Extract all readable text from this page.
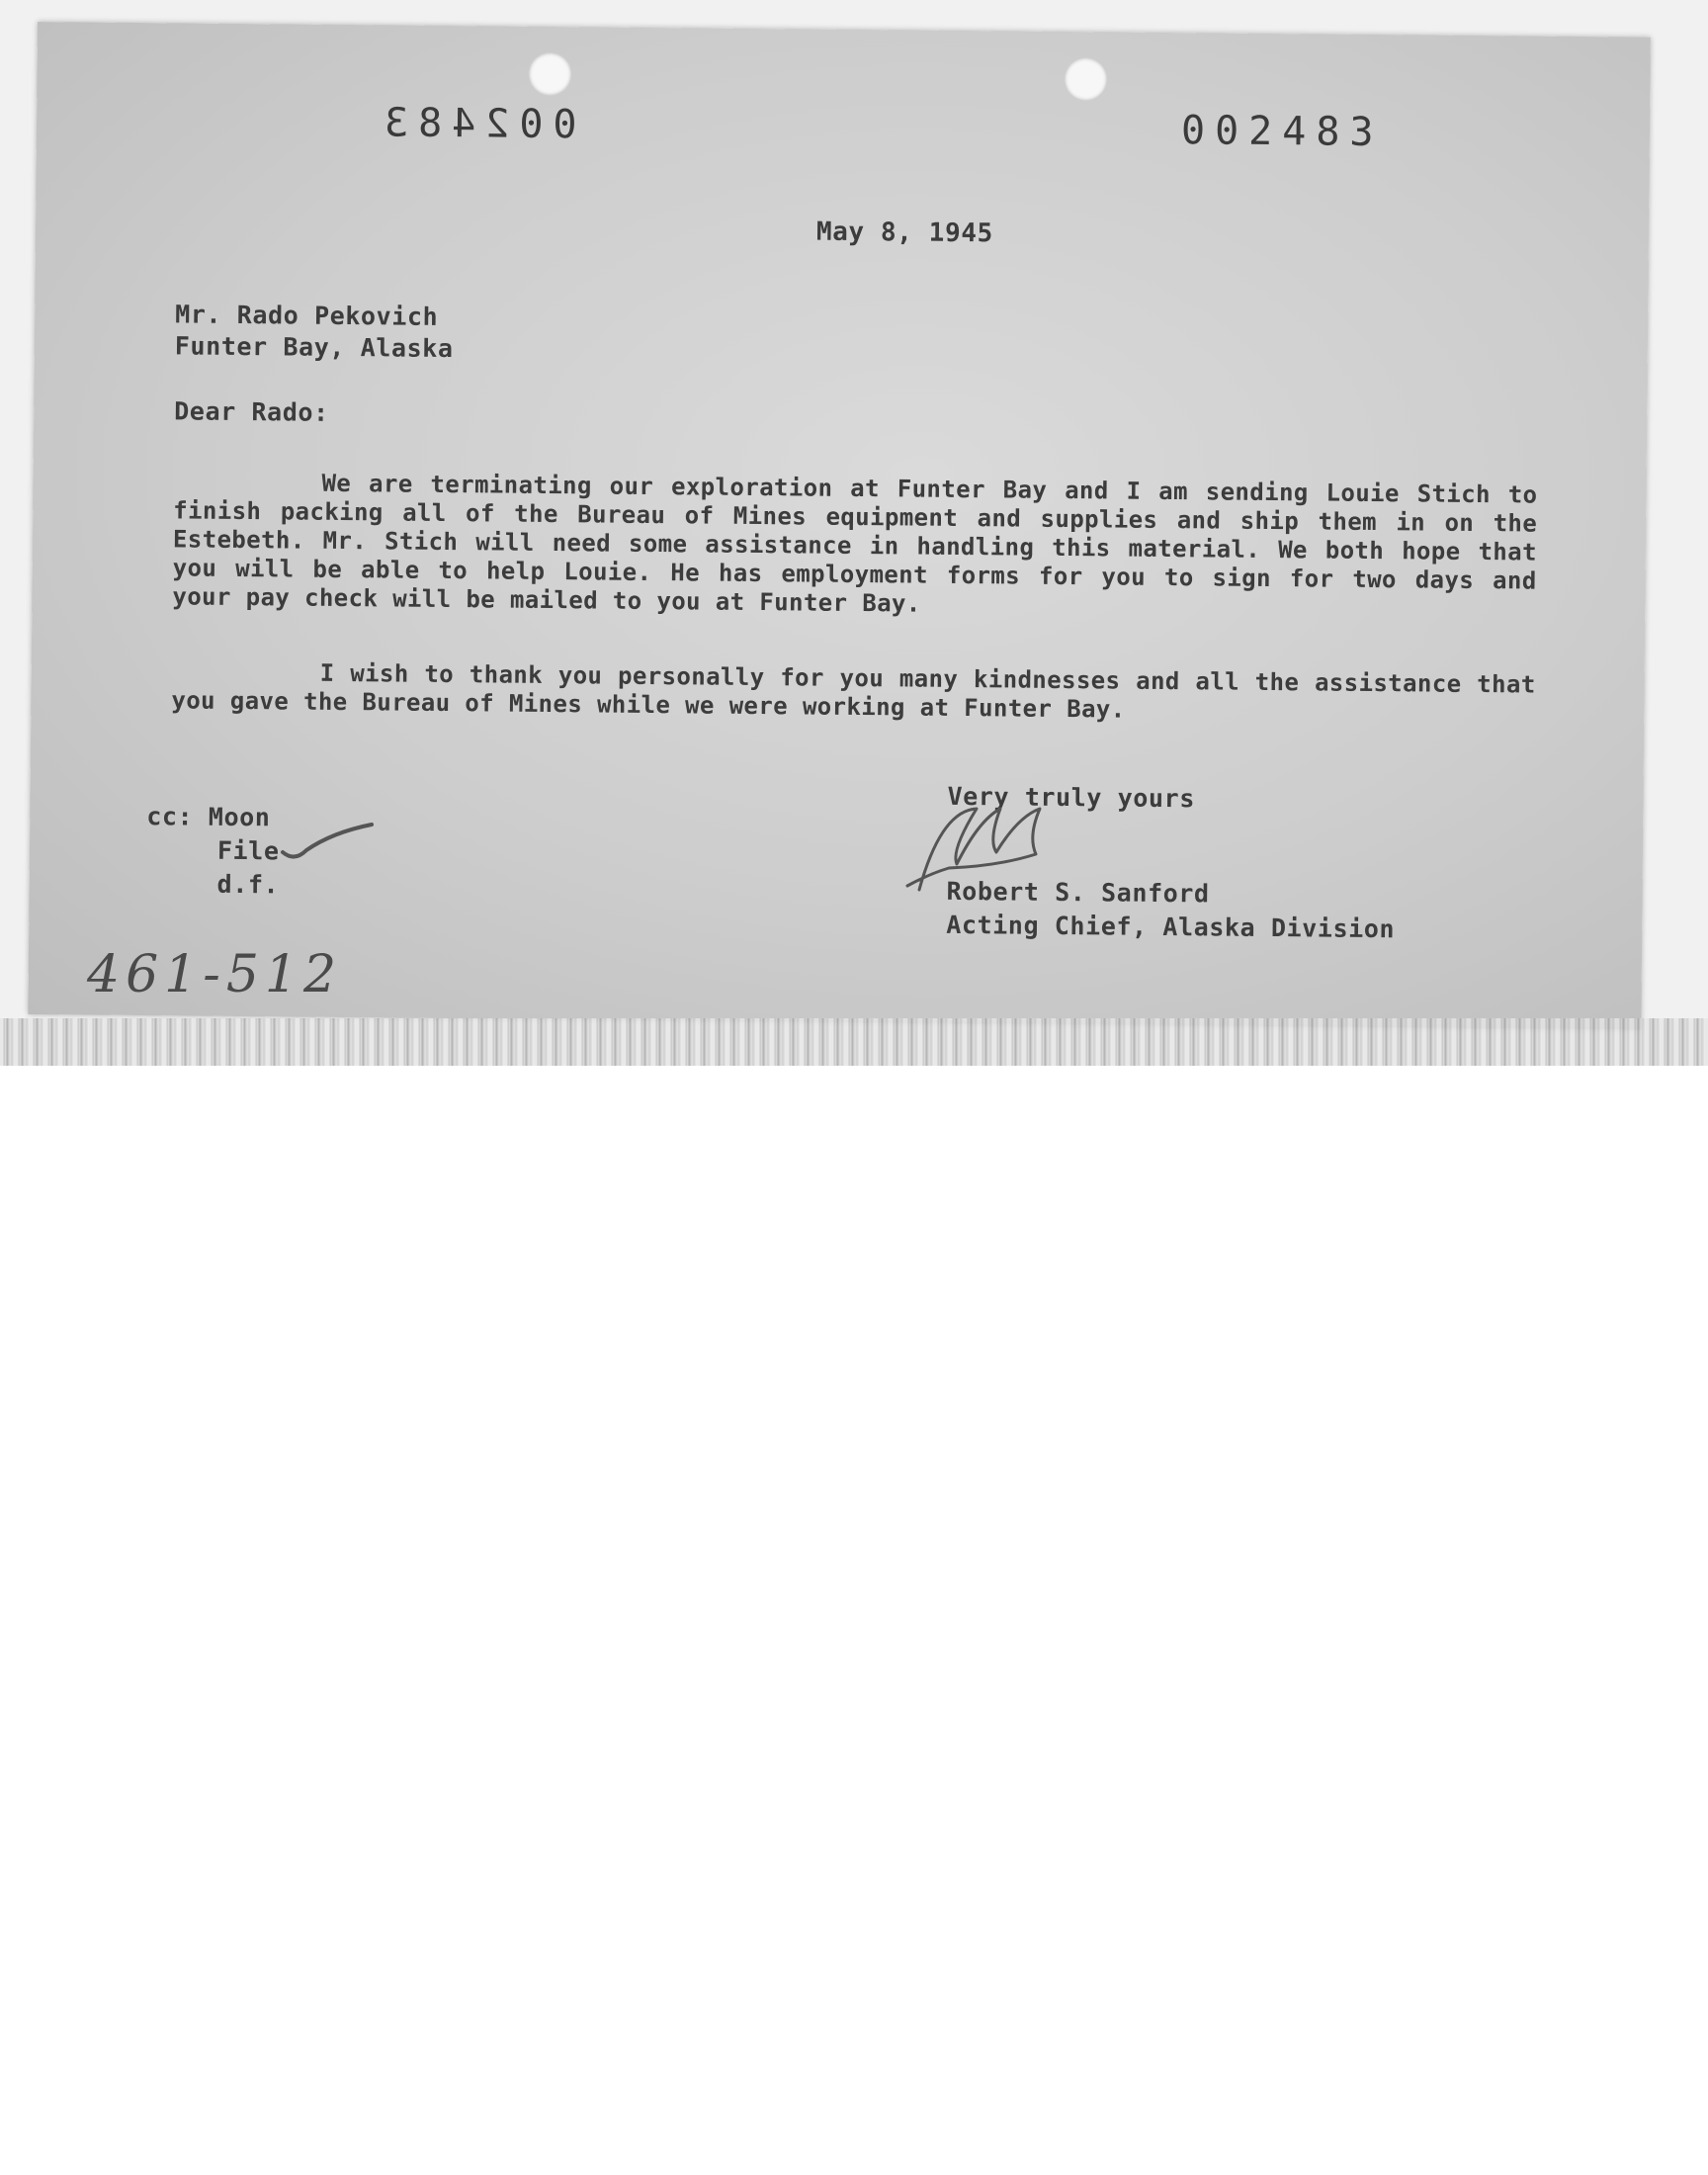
002483	002483
May 8, 1945
Mr. Rado Pekovich
Funter Bay, Alaska
Dear Rado:
We are terminating our exploration at Funter Bay and I am sending Louie Stich to finish packing all of the Bureau of Mines equipment and supplies and ship them in on the Estebeth. Mr. Stich will need some assistance in handling this material. We both hope that you will be able to help Louie. He has employment forms for you to sign for two days and your pay check will be mailed to you at Funter Bay.
I wish to thank you personally for you many kindnesses and all the assistance that you gave the Bureau of Mines while we were working at Funter Bay.
Very truly yours
cc: Moon
File
d.f.	Robert S. Sanford
Acting Chief, Alaska Division
461-512
